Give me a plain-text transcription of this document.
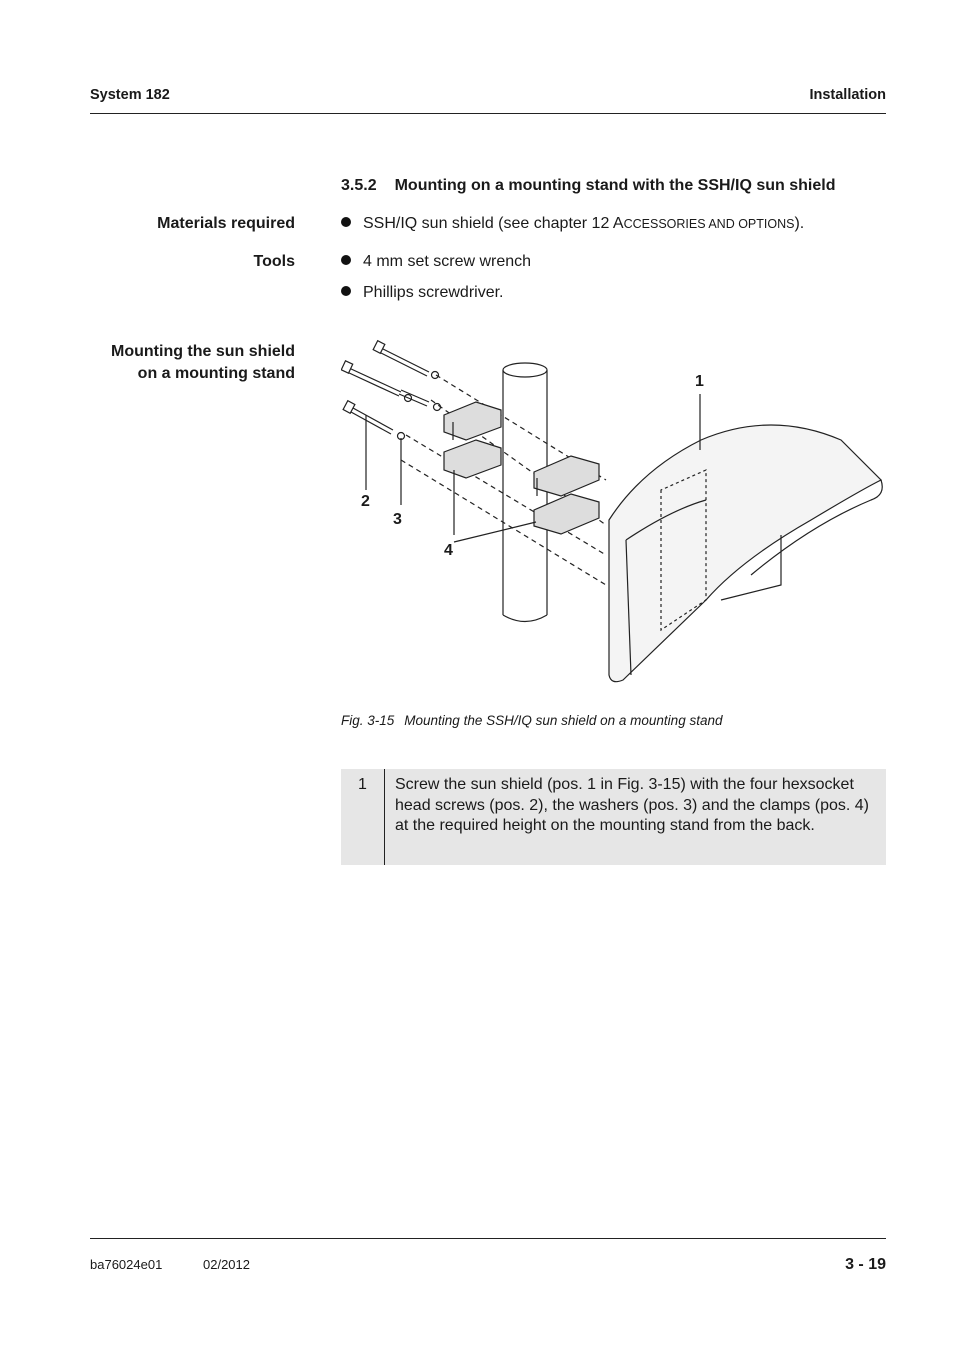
System 182	Installation
3.5.2 Mounting on a mounting stand with the SSH/IQ sun shield
Materials required	SSH/IQ sun shield (see chapter 12 ACCESSORIES AND OPTIONS).
Tools	4 mm set screw wrench
Phillips screwdriver.
Mounting the sun shield
on a mounting stand	1
2
3
4
Fig. 3-15 Mounting the SSH/IQ sun shield on a mounting stand
1	Screw the sun shield (pos. 1 in Fig. 3-15) with the four hexsocket head screws (pos. 2), the washers (pos. 3) and the clamps (pos. 4) at the required height on the mounting stand from the back.
ba76024e01	02/2012	3 - 19
